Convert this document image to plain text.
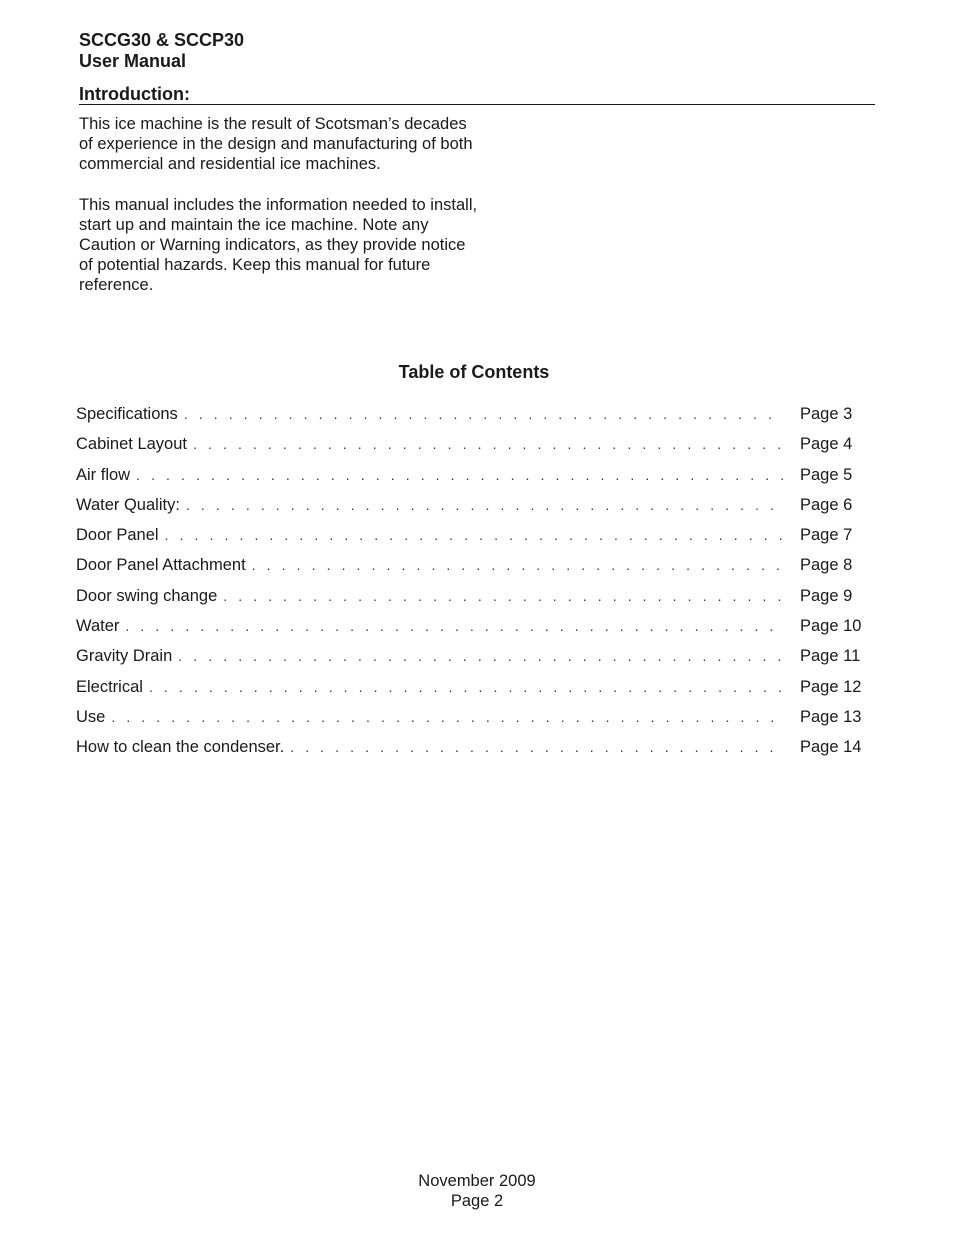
SCCG30 & SCCP30
User Manual
Introduction:

This ice machine is the result of Scotsman’s decades of experience in the design and manufacturing of both commercial and residential ice machines.

This manual includes the information needed to install, start up and maintain the ice machine. Note any Caution or Warning indicators, as they provide notice of potential hazards. Keep this manual for future reference.

Table of Contents
Specifications . . .	Page 3
Cabinet Layout . . .	Page 4
Air flow . . .	Page 5
Water Quality: . . .	Page 6
Door Panel . . .	Page 7
Door Panel Attachment . . .	Page 8
Door swing change . . .	Page 9
Water . . .	Page 10
Gravity Drain . . .	Page 11
Electrical . . .	Page 12
Use . . .	Page 13
How to clean the condenser. . . .	Page 14
November 2009
Page 2
